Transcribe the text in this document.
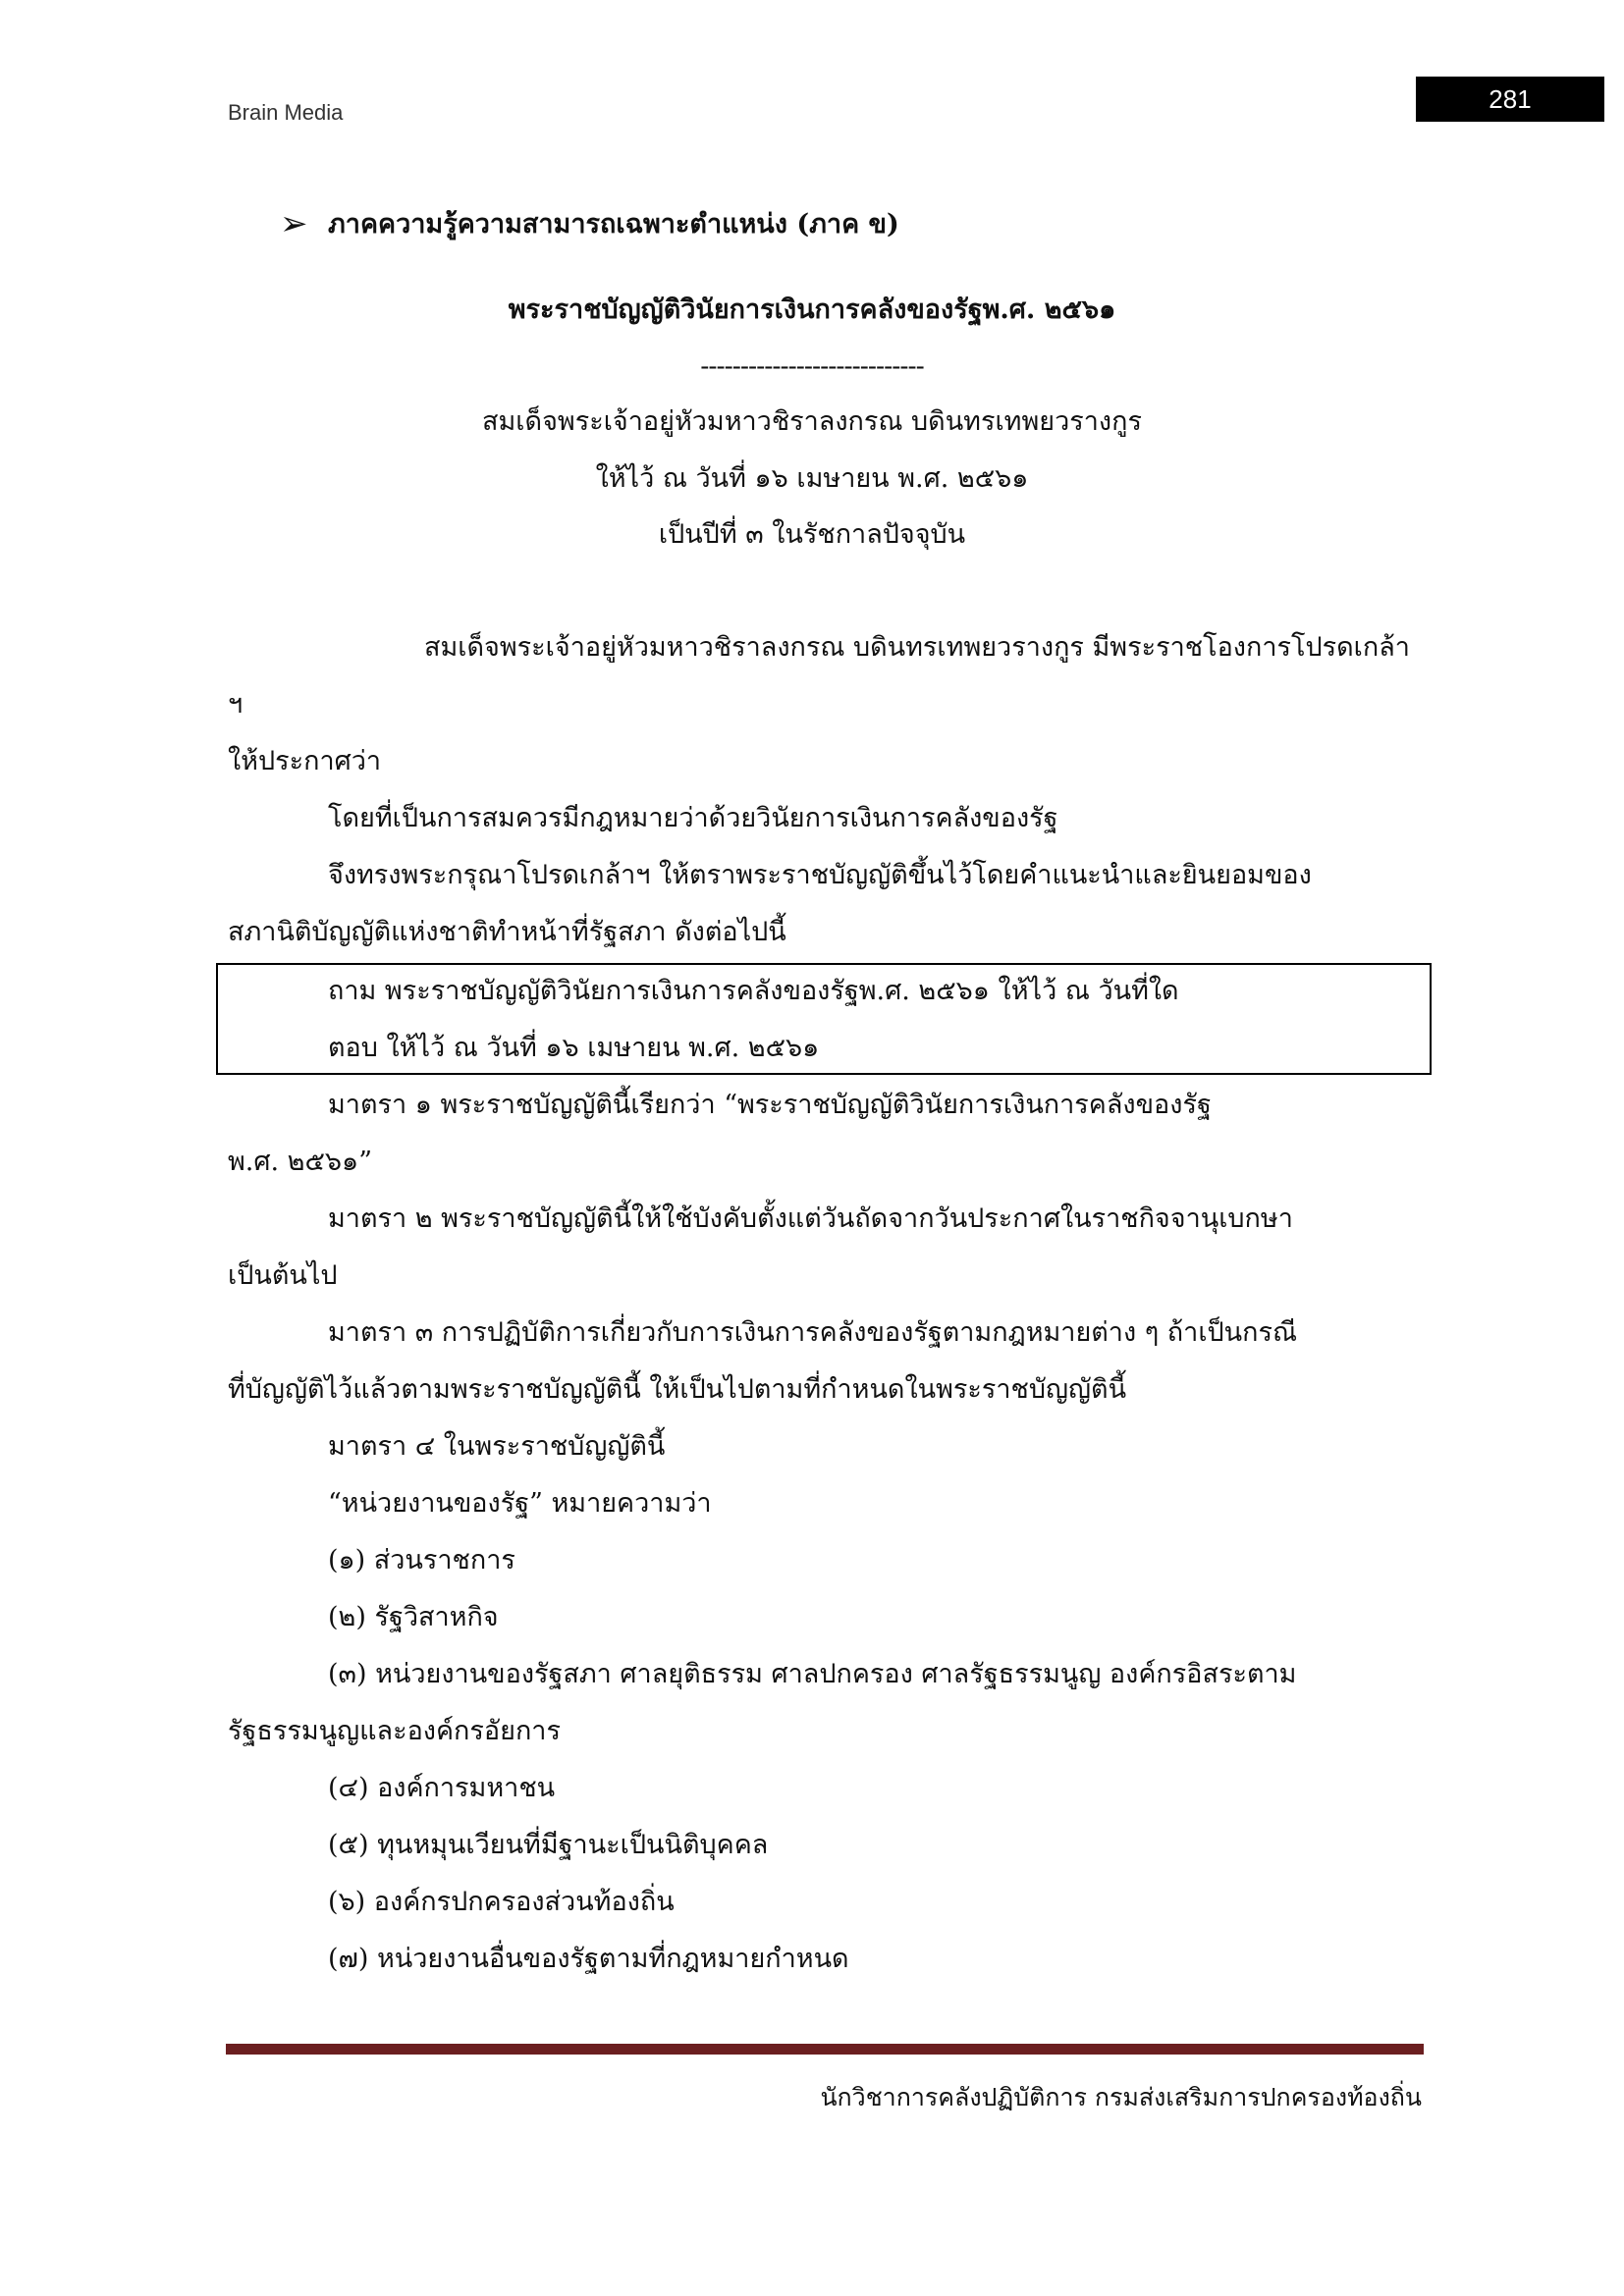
Brain Media	281
➢ ภาคความรู้ความสามารถเฉพาะตำแหน่ง (ภาค ข)
พระราชบัญญัติวินัยการเงินการคลังของรัฐพ.ศ. ๒๕๖๑
----------------------------
สมเด็จพระเจ้าอยู่หัวมหาวชิราลงกรณ บดินทรเทพยวรางกูร
ให้ไว้ ณ วันที่ ๑๖ เมษายน พ.ศ. ๒๕๖๑
เป็นปีที่ ๓ ในรัชกาลปัจจุบัน
สมเด็จพระเจ้าอยู่หัวมหาวชิราลงกรณ บดินทรเทพยวรางกูร มีพระราชโองการโปรดเกล้า
ฯ
ให้ประกาศว่า
โดยที่เป็นการสมควรมีกฎหมายว่าด้วยวินัยการเงินการคลังของรัฐ
จึงทรงพระกรุณาโปรดเกล้าฯ ให้ตราพระราชบัญญัติขึ้นไว้โดยคำแนะนำและยินยอมของ
สภานิติบัญญัติแห่งชาติทำหน้าที่รัฐสภา ดังต่อไปนี้
ถาม พระราชบัญญัติวินัยการเงินการคลังของรัฐพ.ศ. ๒๕๖๑ ให้ไว้ ณ วันที่ใด
ตอบ ให้ไว้ ณ วันที่ ๑๖ เมษายน พ.ศ. ๒๕๖๑
มาตรา ๑ พระราชบัญญัตินี้เรียกว่า “พระราชบัญญัติวินัยการเงินการคลังของรัฐ
พ.ศ. ๒๕๖๑”
มาตรา ๒ พระราชบัญญัตินี้ให้ใช้บังคับตั้งแต่วันถัดจากวันประกาศในราชกิจจานุเบกษา
เป็นต้นไป
มาตรา ๓ การปฏิบัติการเกี่ยวกับการเงินการคลังของรัฐตามกฎหมายต่าง ๆ ถ้าเป็นกรณี
ที่บัญญัติไว้แล้วตามพระราชบัญญัตินี้ ให้เป็นไปตามที่กำหนดในพระราชบัญญัตินี้
มาตรา ๔ ในพระราชบัญญัตินี้
“หน่วยงานของรัฐ” หมายความว่า
(๑) ส่วนราชการ
(๒) รัฐวิสาหกิจ
(๓) หน่วยงานของรัฐสภา ศาลยุติธรรม ศาลปกครอง ศาลรัฐธรรมนูญ องค์กรอิสระตาม
รัฐธรรมนูญและองค์กรอัยการ
(๔) องค์การมหาชน
(๕) ทุนหมุนเวียนที่มีฐานะเป็นนิติบุคคล
(๖) องค์กรปกครองส่วนท้องถิ่น
(๗) หน่วยงานอื่นของรัฐตามที่กฎหมายกำหนด
นักวิชาการคลังปฏิบัติการ กรมส่งเสริมการปกครองท้องถิ่น
